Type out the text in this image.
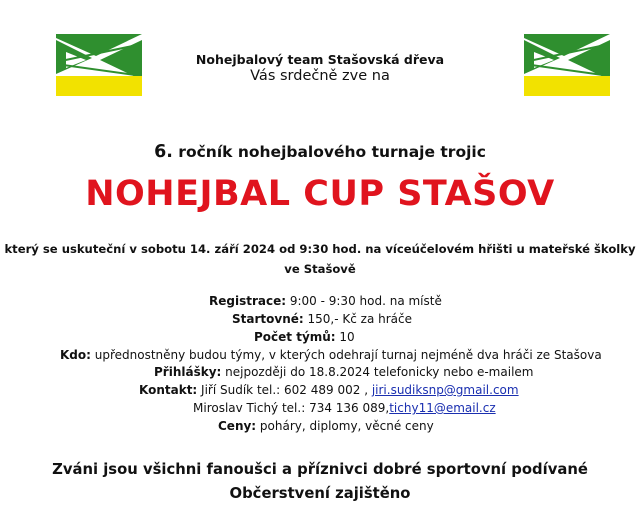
Nohejbalový team Stašovská dřeva
Vás srdečně zve na
6. ročník nohejbalového turnaje trojic
NOHEJBAL CUP STAŠOV
který se uskuteční v sobotu 14. září 2024 od 9:30 hod. na víceúčelovém hřišti u mateřské školky
ve Stašově
Registrace: 9:00 - 9:30 hod. na místě
Startovné: 150,- Kč za hráče
Počet týmů: 10
Kdo: upřednostněny budou týmy, v kterých odehrají turnaj nejméně dva hráči ze Stašova
Přihlášky: nejpozději do 18.8.2024 telefonicky nebo e-mailem
Kontakt: Jiří Sudík tel.: 602 489 002 , jiri.sudiksnp@gmail.com
Miroslav Tichý tel.: 734 136 089,tichy11@email.cz
Ceny: poháry, diplomy, věcné ceny
Zváni jsou všichni fanoušci a příznivci dobré sportovní podívané
Občerstvení zajištěno
